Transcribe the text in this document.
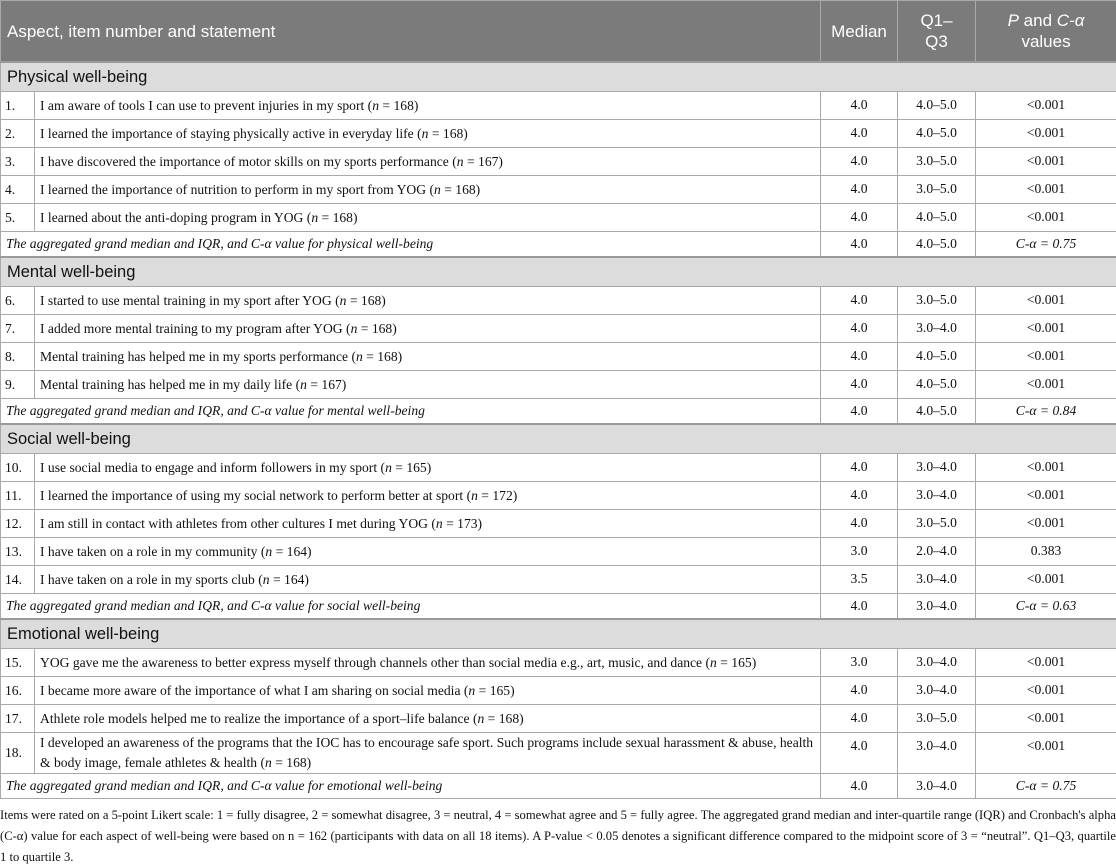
Aspect, item number and statement		Median	Q1–Q3	P and C-α
values
Physical well-being				
1.	I am aware of tools I can use to prevent injuries in my sport (n = 168)	4.0	4.0–5.0	<0.001
2.	I learned the importance of staying physically active in everyday life (n = 168)	4.0	4.0–5.0	<0.001
3.	I have discovered the importance of motor skills on my sports performance (n = 167)	4.0	3.0–5.0	<0.001
4.	I learned the importance of nutrition to perform in my sport from YOG (n = 168)	4.0	3.0–5.0	<0.001
5.	I learned about the anti-doping program in YOG (n = 168)	4.0	4.0–5.0	<0.001
The aggregated grand median and IQR, and C-α value for physical well-being		4.0	4.0–5.0	C-α = 0.75
Mental well-being				
6.	I started to use mental training in my sport after YOG (n = 168)	4.0	3.0–5.0	<0.001
7.	I added more mental training to my program after YOG (n = 168)	4.0	3.0–4.0	<0.001
8.	Mental training has helped me in my sports performance (n = 168)	4.0	4.0–5.0	<0.001
9.	Mental training has helped me in my daily life (n = 167)	4.0	4.0–5.0	<0.001
The aggregated grand median and IQR, and C-α value for mental well-being		4.0	4.0–5.0	C-α = 0.84
Social well-being				
10.	I use social media to engage and inform followers in my sport (n = 165)	4.0	3.0–4.0	<0.001
11.	I learned the importance of using my social network to perform better at sport (n = 172)	4.0	3.0–4.0	<0.001
12.	I am still in contact with athletes from other cultures I met during YOG (n = 173)	4.0	3.0–5.0	<0.001
13.	I have taken on a role in my community (n = 164)	3.0	2.0–4.0	0.383
14.	I have taken on a role in my sports club (n = 164)	3.5	3.0–4.0	<0.001
The aggregated grand median and IQR, and C-α value for social well-being		4.0	3.0–4.0	C-α = 0.63
Emotional well-being				
15.	YOG gave me the awareness to better express myself through channels other than social media e.g., art, music, and dance (n = 165)	3.0	3.0–4.0	<0.001
16.	I became more aware of the importance of what I am sharing on social media (n = 165)	4.0	3.0–4.0	<0.001
17.	Athlete role models helped me to realize the importance of a sport–life balance (n = 168)	4.0	3.0–5.0	<0.001
18.	I developed an awareness of the programs that the IOC has to encourage safe sport. Such programs include sexual harassment & abuse, health & body image, female athletes & health (n = 168)	4.0	3.0–4.0	<0.001
The aggregated grand median and IQR, and C-α value for emotional well-being		4.0	3.0–4.0	C-α = 0.75

Items were rated on a 5-point Likert scale: 1 = fully disagree, 2 = somewhat disagree, 3 = neutral, 4 = somewhat agree and 5 = fully agree. The aggregated grand median and inter-quartile range (IQR) and Cronbach's alpha (C-α) value for each aspect of well-being were based on n = 162 (participants with data on all 18 items). A P-value < 0.05 denotes a significant difference compared to the midpoint score of 3 = “neutral”. Q1–Q3, quartile 1 to quartile 3.
